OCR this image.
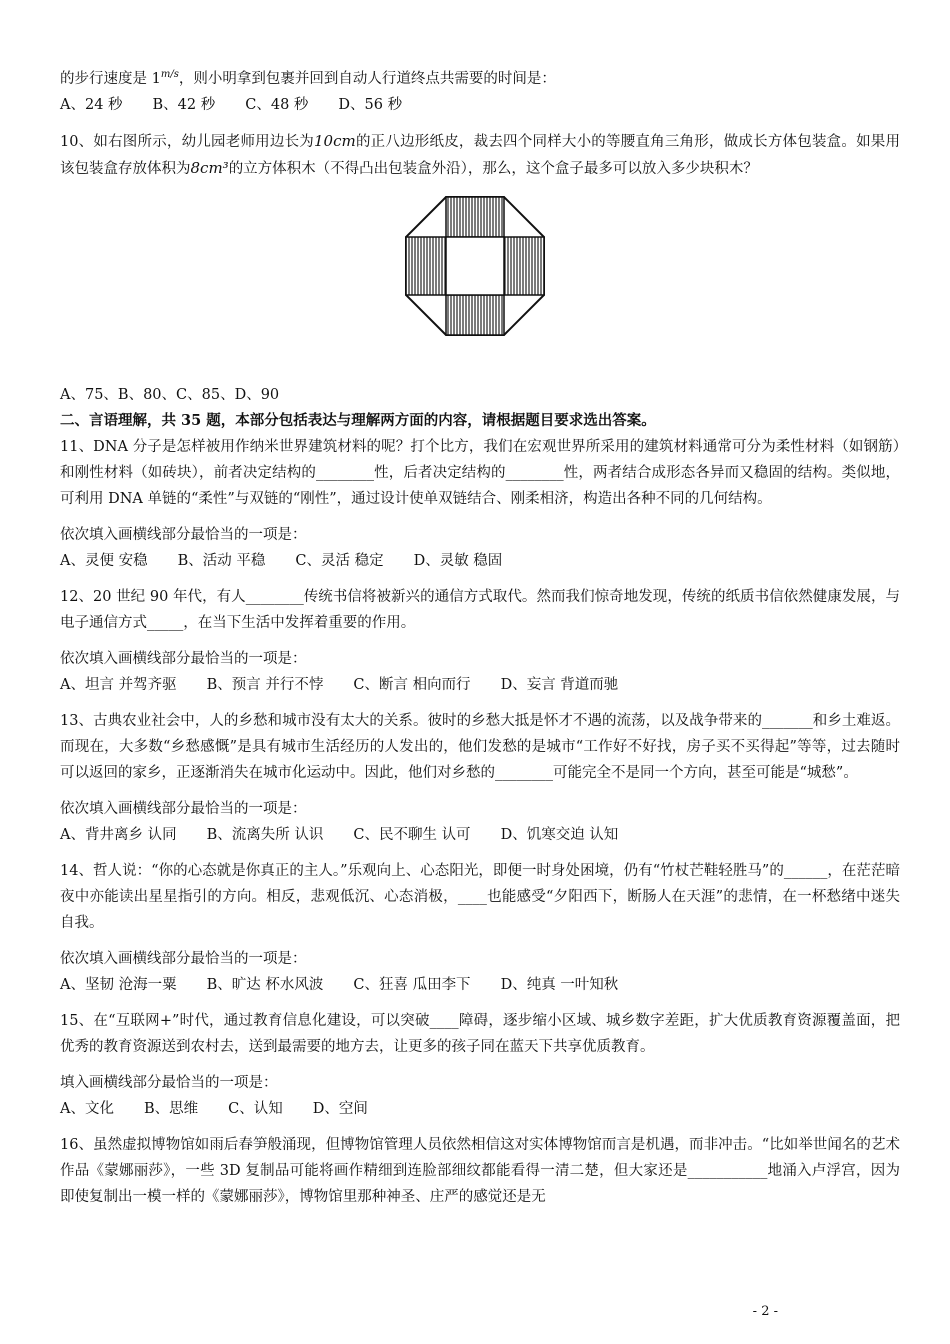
的步行速度是 $1^{m/s}$，则小明拿到包裹并回到自动人行道终点共需要的时间是：

A、24 秒 B、42 秒 C、48 秒 D、56 秒

10、如右图所示，幼儿园老师用边长为10cm的正八边形纸皮，裁去四个同样大小的等腰直角三角形，做成长方体包装盒。如果用该包装盒存放体积为8cm³的立方体积木（不得凸出包装盒外沿），那么，这个盒子最多可以放入多少块积木？

A、75、B、80、C、85、D、90

二、言语理解，共 35 题，本部分包括表达与理解两方面的内容，请根据题目要求选出答案。

11、DNA 分子是怎样被用作纳米世界建筑材料的呢？打个比方，我们在宏观世界所采用的建筑材料通常可分为柔性材料（如钢筋）和刚性材料（如砖块），前者决定结构的________性，后者决定结构的________性，两者结合成形态各异而又稳固的结构。类似地，可利用 DNA 单链的“柔性”与双链的“刚性”，通过设计使单双链结合、刚柔相济，构造出各种不同的几何结构。

依次填入画横线部分最恰当的一项是：

A、灵便 安稳 B、活动 平稳 C、灵活 稳定 D、灵敏 稳固

12、20 世纪 90 年代，有人________传统书信将被新兴的通信方式取代。然而我们惊奇地发现，传统的纸质书信依然健康发展，与电子通信方式_____，在当下生活中发挥着重要的作用。

依次填入画横线部分最恰当的一项是：

A、坦言 并驾齐驱 B、预言 并行不悖 C、断言 相向而行 D、妄言 背道而驰

13、古典农业社会中，人的乡愁和城市没有太大的关系。彼时的乡愁大抵是怀才不遇的流荡，以及战争带来的_______和乡土难返。而现在，大多数“乡愁感慨”是具有城市生活经历的人发出的，他们发愁的是城市“工作好不好找，房子买不买得起”等等，过去随时可以返回的家乡，正逐渐消失在城市化运动中。因此，他们对乡愁的________可能完全不是同一个方向，甚至可能是“城愁”。

依次填入画横线部分最恰当的一项是：

A、背井离乡 认同 B、流离失所 认识 C、民不聊生 认可 D、饥寒交迫 认知

14、哲人说：“你的心态就是你真正的主人。”乐观向上、心态阳光，即便一时身处困境，仍有“竹杖芒鞋轻胜马”的______，在茫茫暗夜中亦能读出星星指引的方向。相反，悲观低沉、心态消极，____也能感受“夕阳西下，断肠人在天涯”的悲情，在一杯愁绪中迷失自我。

依次填入画横线部分最恰当的一项是：

A、坚韧 沧海一粟 B、旷达 杯水风波 C、狂喜 瓜田李下 D、纯真 一叶知秋

15、在“互联网+”时代，通过教育信息化建设，可以突破____障碍，逐步缩小区域、城乡数字差距，扩大优质教育资源覆盖面，把优秀的教育资源送到农村去，送到最需要的地方去，让更多的孩子同在蓝天下共享优质教育。

填入画横线部分最恰当的一项是：

A、文化 B、思维 C、认知 D、空间

16、虽然虚拟博物馆如雨后春笋般涌现，但博物馆管理人员依然相信这对实体博物馆而言是机遇，而非冲击。“比如举世闻名的艺术作品《蒙娜丽莎》，一些 3D 复制品可能将画作精细到连脸部细纹都能看得一清二楚，但大家还是___________地涌入卢浮宫，因为即使复制出一模一样的《蒙娜丽莎》，博物馆里那种神圣、庄严的感觉还是无

- 2 -
